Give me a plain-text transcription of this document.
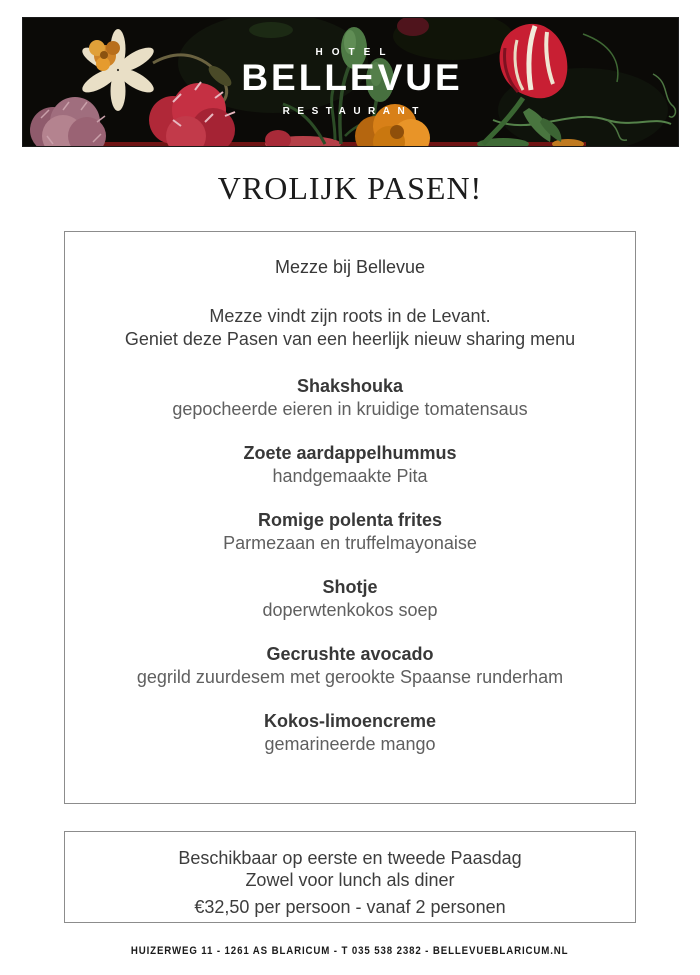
HOTEL
BELLEVUE
RESTAURANT
VROLIJK PASEN!
Mezze bij Bellevue
Mezze vindt zijn roots in de Levant.
Geniet deze Pasen van een heerlijk nieuw sharing menu
Shakshouka
gepocheerde eieren in kruidige tomatensaus
Zoete aardappelhummus
handgemaakte Pita
Romige polenta frites
Parmezaan en truffelmayonaise
Shotje
doperwtenkokos soep
Gecrushte avocado
gegrild zuurdesem met gerookte Spaanse runderham
Kokos-limoencreme
gemarineerde mango
Beschikbaar op eerste en tweede Paasdag
Zowel voor lunch als diner
€32,50 per persoon - vanaf 2 personen
HUIZERWEG 11 - 1261 AS BLARICUM - T 035 538 2382 - BELLEVUEBLARICUM.NL
